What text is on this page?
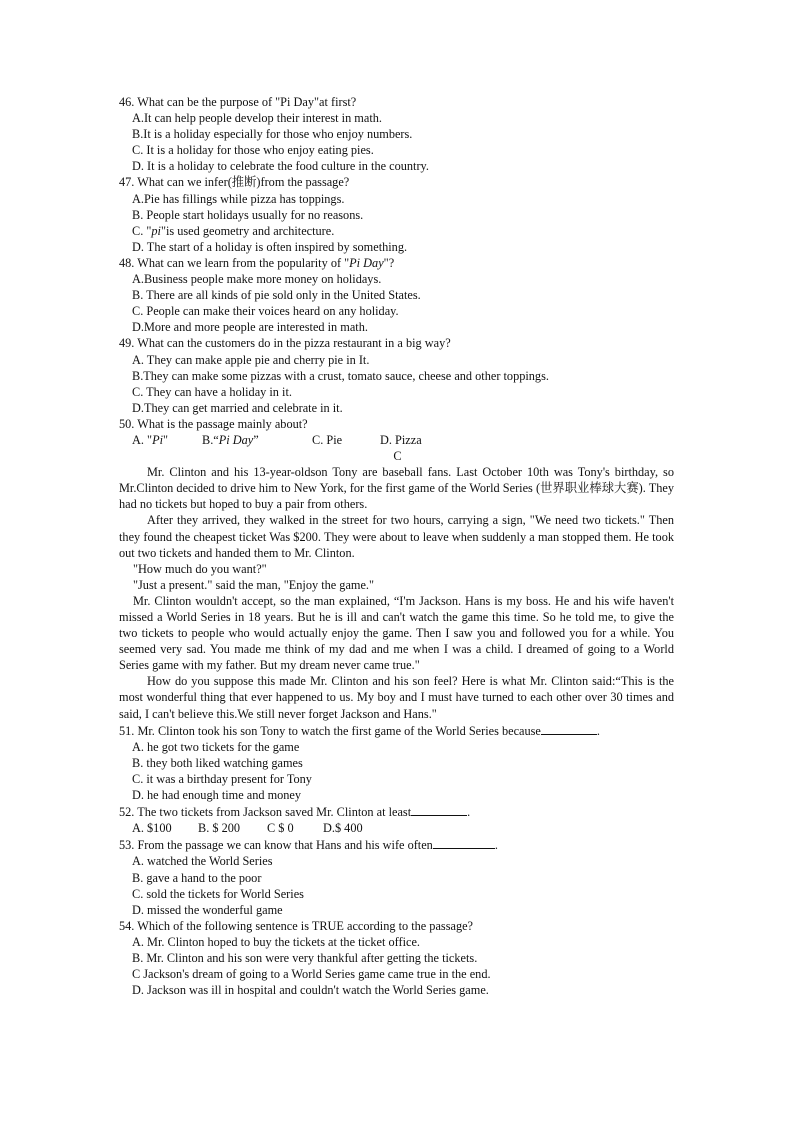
46. What can be the purpose of "Pi Day"at first?

A.It can help people develop their interest in math.

B.It is a holiday especially for those who enjoy numbers.

C. It is a holiday for those who enjoy eating pies.

D. It is a holiday to celebrate the food culture in the country.

47. What can we infer(推断)from the passage?

A.Pie has fillings while pizza has toppings.

B. People start holidays usually for no reasons.

C. "pi"is used geometry and architecture.

D. The start of a holiday is often inspired by something.

48. What can we learn from the popularity of "Pi Day"?

A.Business people make more money on holidays.

B. There are all kinds of pie sold only in the United States.

C. People can make their voices heard on any holiday.

D.More and more people are interested in math.

49. What can the customers do in the pizza restaurant in a big way?

A. They can make apple pie and cherry pie in It.

B.They can make some pizzas with a crust, tomato sauce, cheese and other toppings.

C. They can have a holiday in it.

D.They can get married and celebrate in it.

50. What is the passage mainly about?

A. "Pi"	B.“Pi Day”	C. Pie	D. Pizza

C

Mr. Clinton and his 13-year-oldson Tony are baseball fans. Last October 10th was Tony's birthday, so Mr.Clinton decided to drive him to New York, for the first game of the World Series (世界职业棒球大赛). They had no tickets but hoped to buy a pair from others.

After they arrived, they walked in the street for two hours, carrying a sign, "We need two tickets." Then they found the cheapest ticket Was $200. They were about to leave when suddenly a man stopped them. He took out two tickets and handed them to Mr. Clinton.

"How much do you want?"

"Just a present." said the man, "Enjoy the game."

Mr. Clinton wouldn't accept, so the man explained, “I'm Jackson. Hans is my boss. He and his wife haven't missed a World Series in 18 years. But he is ill and can't watch the game this time. So he told me, to give the two tickets to people who would actually enjoy the game. Then I saw you and followed you for a while. You seemed very sad. You made me think of my dad and me when I was a child. I dreamed of going to a World Series game with my father. But my dream never came true."

How do you suppose this made Mr. Clinton and his son feel? Here is what Mr. Clinton said:“This is the most wonderful thing that ever happened to us. My boy and I must have turned to each other over 30 times and said, I can't believe this.We still never forget Jackson and Hans."

51. Mr. Clinton took his son Tony to watch the first game of the World Series because	.

A. he got two tickets for the game

B. they both liked watching games

C. it was a birthday present for Tony

D. he had enough time and money

52. The two tickets from Jackson saved Mr. Clinton at least	.

A. $100 B. $ 200 C $ 0 D.$ 400

53. From the passage we can know that Hans and his wife often	.

A. watched the World Series

B. gave a hand to the poor

C. sold the tickets for World Series

D. missed the wonderful game

54. Which of the following sentence is TRUE according to the passage?

A. Mr. Clinton hoped to buy the tickets at the ticket office.

B. Mr. Clinton and his son were very thankful after getting the tickets.

C Jackson's dream of going to a World Series game came true in the end.

D. Jackson was ill in hospital and couldn't watch the World Series game.
